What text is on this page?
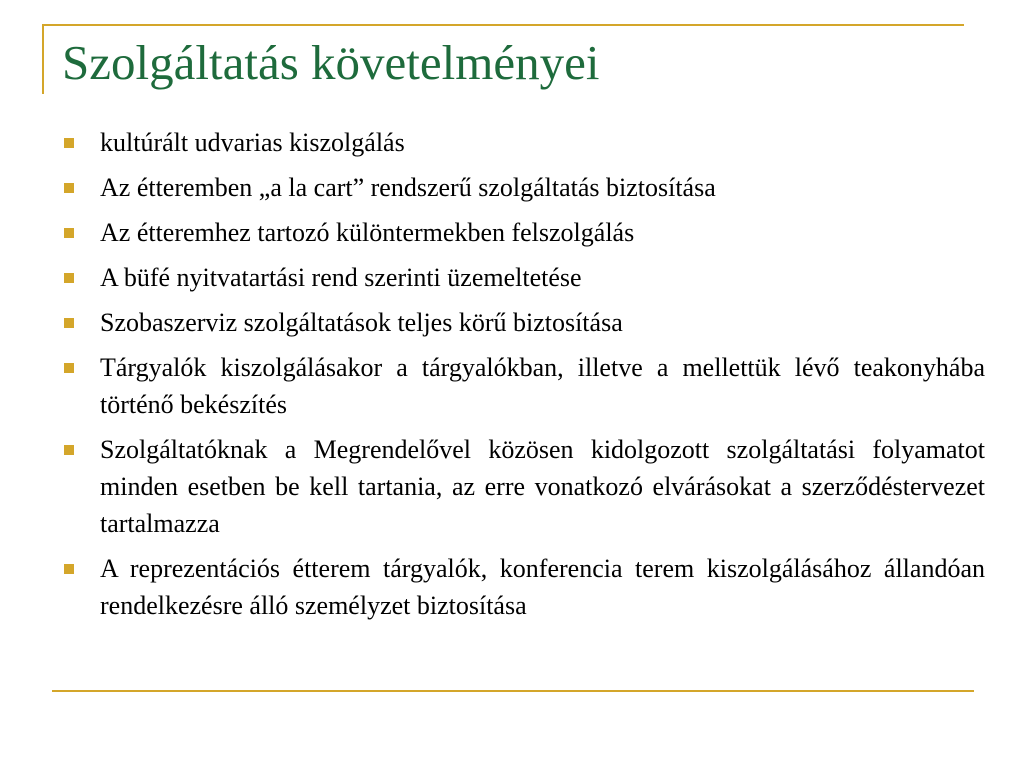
Szolgáltatás követelményei
kultúrált udvarias kiszolgálás
Az étteremben „a la cart” rendszerű szolgáltatás biztosítása
Az étteremhez tartozó különtermekben felszolgálás
A büfé nyitvatartási rend szerinti üzemeltetése
Szobaszerviz szolgáltatások teljes körű biztosítása
Tárgyalók kiszolgálásakor a tárgyalókban, illetve a mellettük lévő teakonyhába történő bekészítés
Szolgáltatóknak a Megrendelővel közösen kidolgozott szolgáltatási folyamatot minden esetben be kell tartania, az erre vonatkozó elvárásokat a szerződéstervezet tartalmazza
A reprezentációs étterem tárgyalók, konferencia terem kiszolgálásához állandóan rendelkezésre álló személyzet biztosítása
